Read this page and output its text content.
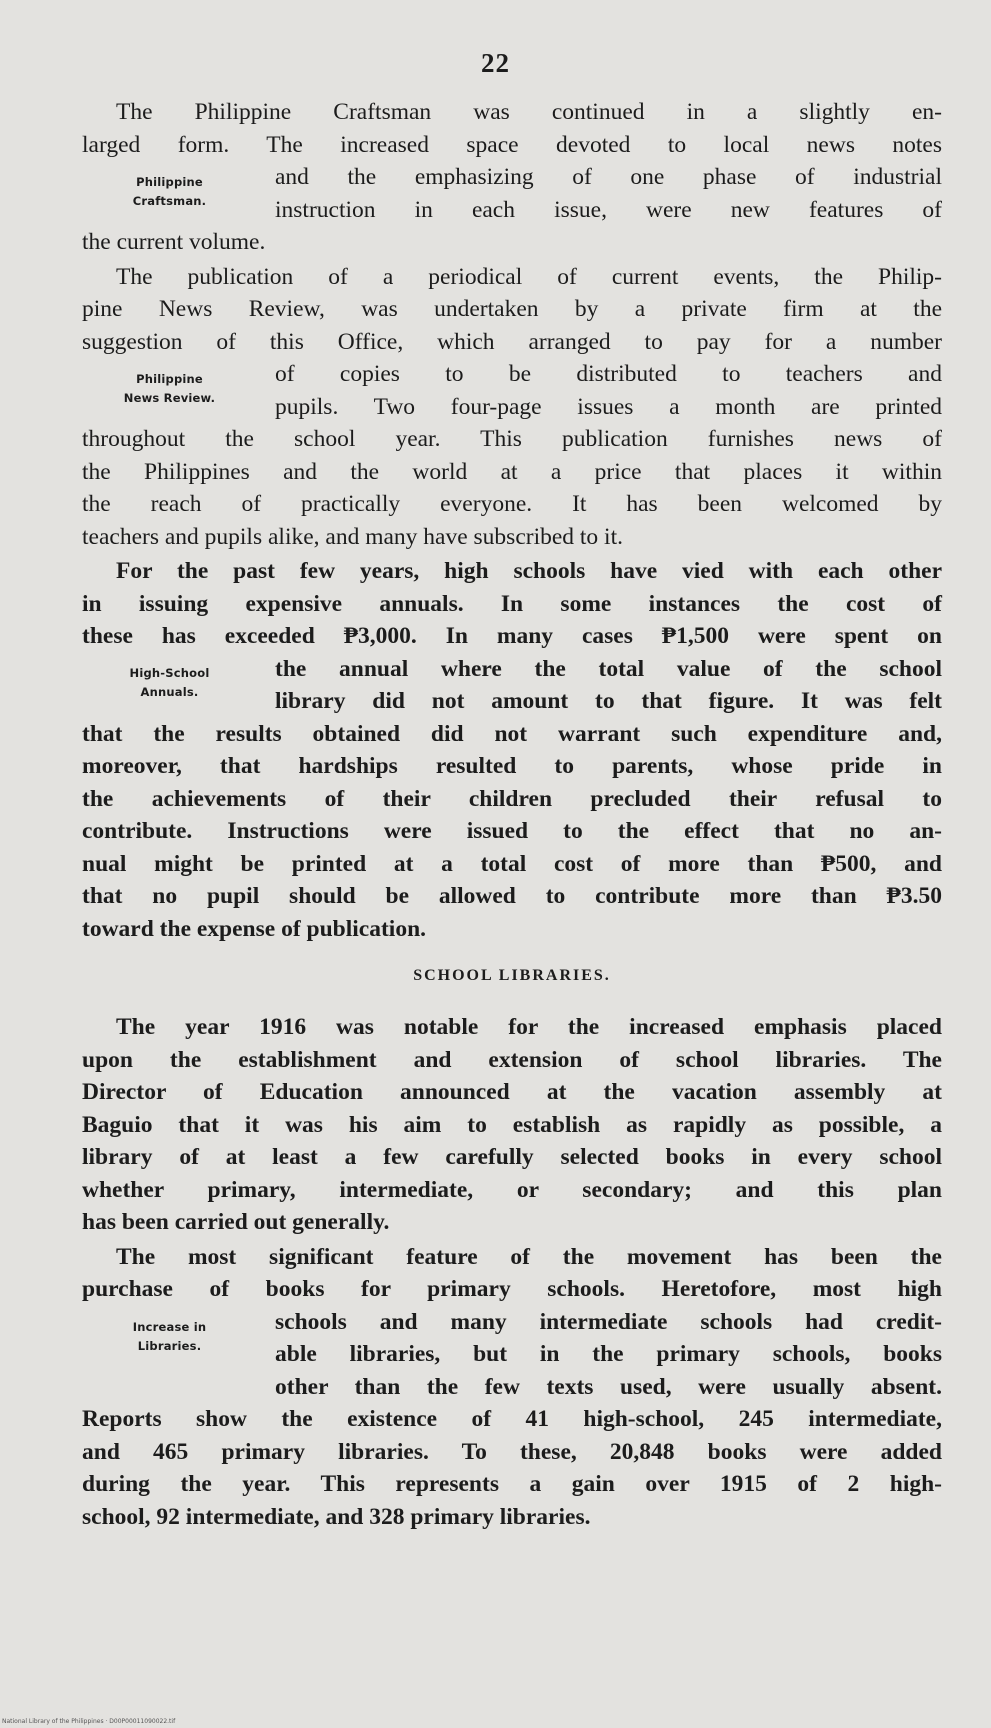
22
Philippine
Craftsman.
The Philippine Craftsman was continued in a slightly en-
larged form. The increased space devoted to local news notes
and the emphasizing of one phase of industrial
instruction in each issue, were new features of
the current volume.
Philippine
News Review.
The publication of a periodical of current events, the Philip-
pine News Review, was undertaken by a private firm at the
suggestion of this Office, which arranged to pay for a number
of copies to be distributed to teachers and
pupils. Two four-page issues a month are printed
throughout the school year. This publication furnishes news of
the Philippines and the world at a price that places it within
the reach of practically everyone. It has been welcomed by
teachers and pupils alike, and many have subscribed to it.
High-School
Annuals.
For the past few years, high schools have vied with each other
in issuing expensive annuals. In some instances the cost of
these has exceeded ₱3,000. In many cases ₱1,500 were spent on
the annual where the total value of the school
library did not amount to that figure. It was felt
that the results obtained did not warrant such expenditure and,
moreover, that hardships resulted to parents, whose pride in
the achievements of their children precluded their refusal to
contribute. Instructions were issued to the effect that no an-
nual might be printed at a total cost of more than ₱500, and
that no pupil should be allowed to contribute more than ₱3.50
toward the expense of publication.
SCHOOL LIBRARIES.
The year 1916 was notable for the increased emphasis placed
upon the establishment and extension of school libraries. The
Director of Education announced at the vacation assembly at
Baguio that it was his aim to establish as rapidly as possible, a
library of at least a few carefully selected books in every school
whether primary, intermediate, or secondary; and this plan
has been carried out generally.
Increase in
Libraries.
The most significant feature of the movement has been the
purchase of books for primary schools. Heretofore, most high
schools and many intermediate schools had credit-
able libraries, but in the primary schools, books
other than the few texts used, were usually absent.
Reports show the existence of 41 high-school, 245 intermediate,
and 465 primary libraries. To these, 20,848 books were added
during the year. This represents a gain over 1915 of 2 high-
school, 92 intermediate, and 328 primary libraries.
National Library of the Philippines · D00P00011090022.tif
